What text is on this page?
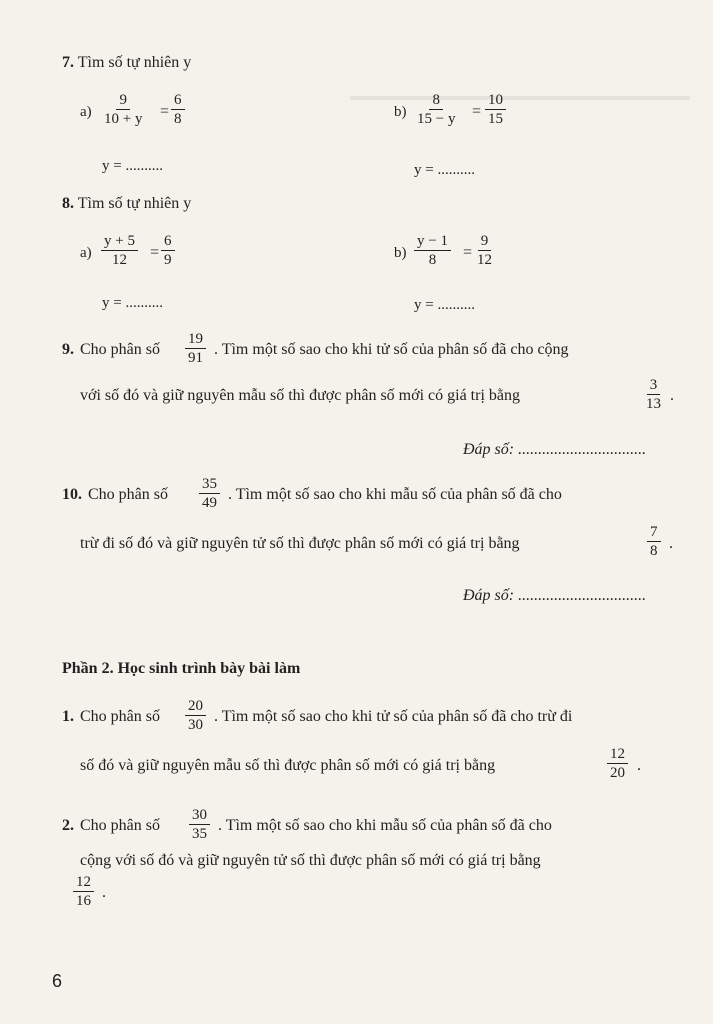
7. Tìm số tự nhiên y
$a) \frac{9}{10 + y} = \frac{6}{8}$	$b) \frac{8}{15 - y} = \frac{10}{15}$
y = ..........	y = ..........
8. Tìm số tự nhiên y
$a) \frac{y + 5}{12} = \frac{6}{9}$	$b) \frac{y - 1}{8} = \frac{9}{12}$
y = ..........	y = ..........
9. Cho phân số $\frac{19}{91}$ . Tìm một số sao cho khi tử số của phân số đã cho cộng
với số đó và giữ nguyên mẫu số thì được phân số mới có giá trị bằng	$\frac{3}{13}$ .
Đáp số: ................................
10. Cho phân số $\frac{35}{49}$ . Tìm một số sao cho khi mẫu số của phân số đã cho
trừ đi số đó và giữ nguyên tử số thì được phân số mới có giá trị bằng	$\frac{7}{8}$ .
Đáp số: ................................
Phần 2. Học sinh trình bày bài làm
1. Cho phân số $\frac{20}{30}$ . Tìm một số sao cho khi tử số của phân số đã cho trừ đi
số đó và giữ nguyên mẫu số thì được phân số mới có giá trị bằng	$\frac{12}{20}$ .
2. Cho phân số $\frac{30}{35}$ . Tìm một số sao cho khi mẫu số của phân số đã cho
cộng với số đó và giữ nguyên tử số thì được phân số mới có giá trị bằng
$\frac{12}{16}$ .
6
